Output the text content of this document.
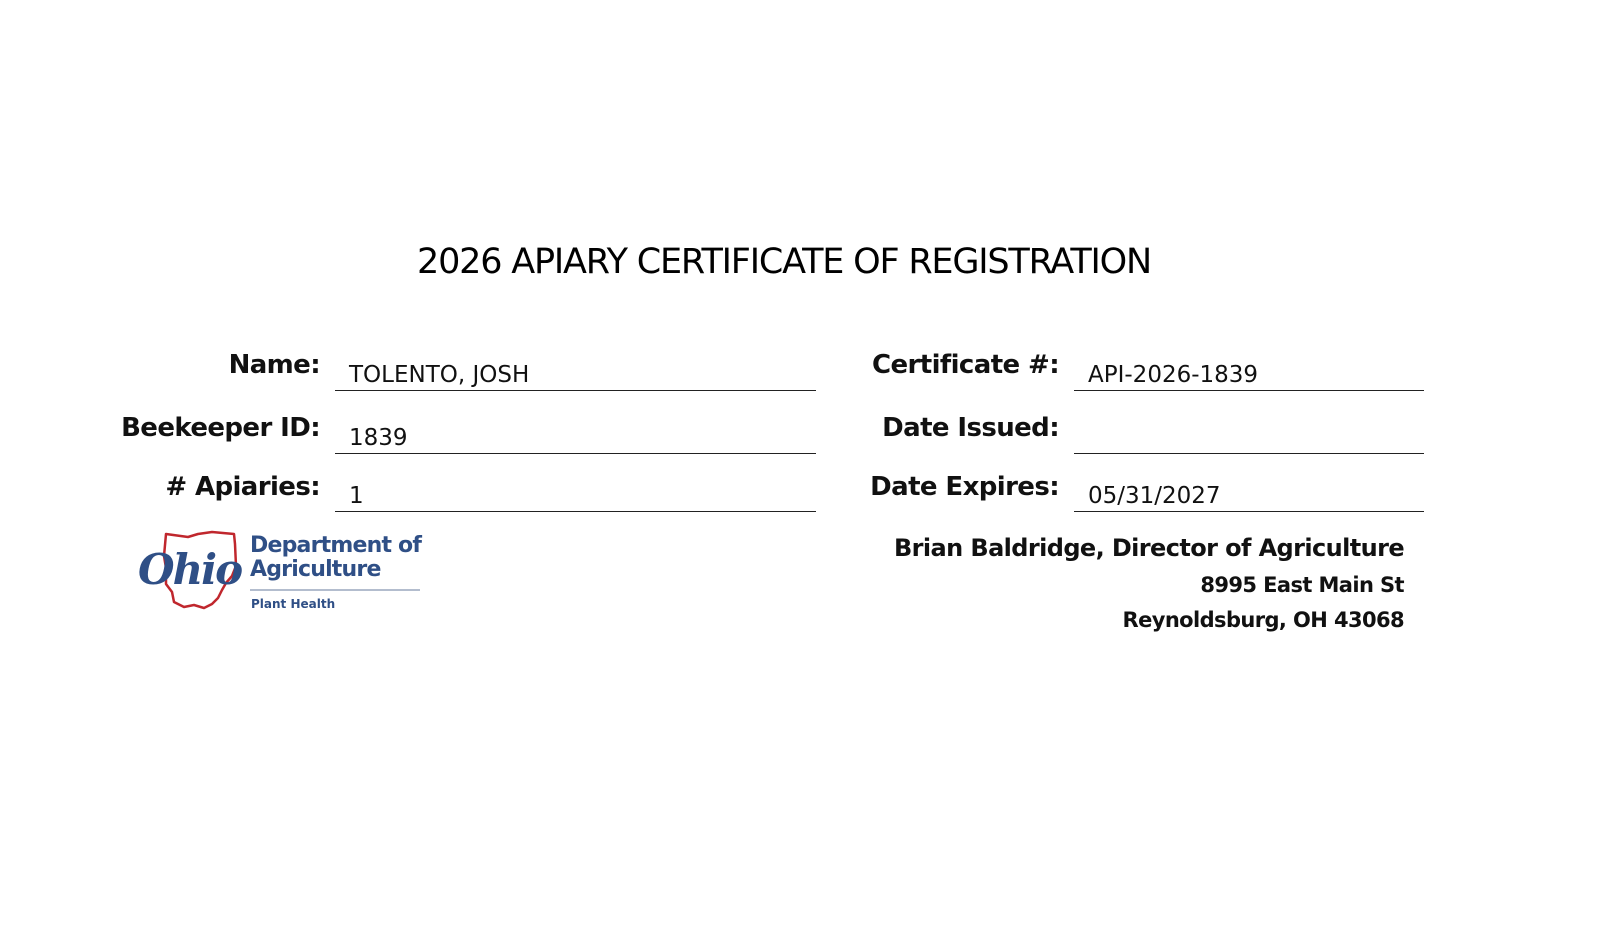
2026 APIARY CERTIFICATE OF REGISTRATION
Name: TOLENTO, JOSH
Beekeeper ID: 1839
# Apiaries: 1
Certificate #: API-2026-1839
Date Issued:
Date Expires: 05/31/2027
Ohio Department of
Agriculture
Plant Health
Brian Baldridge, Director of Agriculture
8995 East Main St
Reynoldsburg, OH 43068
